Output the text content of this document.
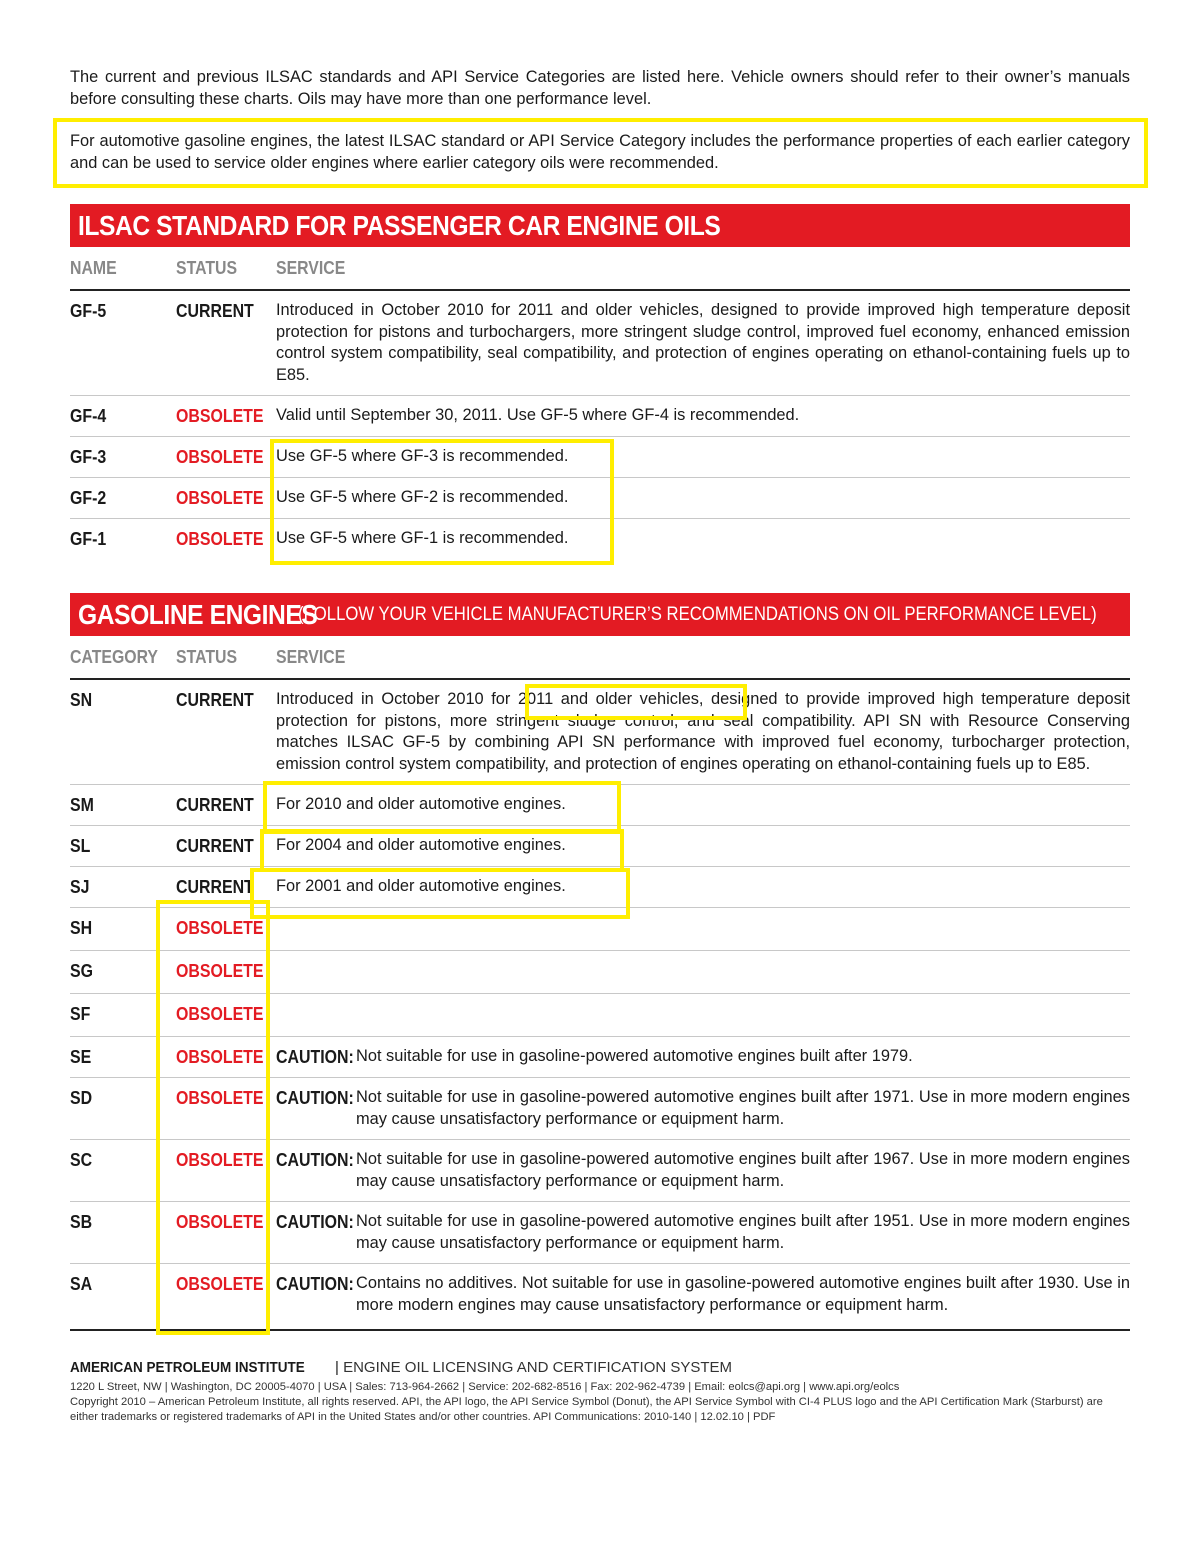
The current and previous ILSAC standards and API Service Categories are listed here. Vehicle owners should refer to their owner’s manuals before consulting these charts. Oils may have more than one performance level.

For automotive gasoline engines, the latest ILSAC standard or API Service Category includes the performance properties of each earlier category and can be used to service older engines where earlier category oils were recommended.

ILSAC STANDARD FOR PASSENGER CAR ENGINE OILS
NAME	STATUS	SERVICE
GF-5	CURRENT	Introduced in October 2010 for 2011 and older vehicles, designed to provide improved high temperature deposit protection for pistons and turbochargers, more stringent sludge control, improved fuel economy, enhanced emission control system compatibility, seal compatibility, and protection of engines operating on ethanol-containing fuels up to E85.
GF-4	OBSOLETE Valid until September 30, 2011. Use GF-5 where GF-4 is recommended.
GF-3	OBSOLETE Use GF-5 where GF-3 is recommended.
GF-2	OBSOLETE Use GF-5 where GF-2 is recommended.
GF-1	OBSOLETE Use GF-5 where GF-1 is recommended.
GASOLINE ENGINES
(FOLLOW YOUR VEHICLE MANUFACTURER’S RECOMMENDATIONS ON OIL PERFORMANCE LEVEL)
CATEGORY STATUS	SERVICE
SN	CURRENT	Introduced in October 2010 for 2011 and older vehicles, designed to provide improved high temperature deposit protection for pistons, more stringent sludge control, and seal compatibility. API SN with Resource Conserving matches ILSAC GF-5 by combining API SN performance with improved fuel economy, turbocharger protection, emission control system compatibility, and protection of engines operating on ethanol-containing fuels up to E85.
SM	CURRENT	For 2010 and older automotive engines.
SL	CURRENT	For 2004 and older automotive engines.
SJ	CURRENT	For 2001 and older automotive engines.
SH	OBSOLETE
SG	OBSOLETE
SF	OBSOLETE
SE	OBSOLETE CAUTION: Not suitable for use in gasoline-powered automotive engines built after 1979.
SD	OBSOLETE CAUTION: Not suitable for use in gasoline-powered automotive engines built after 1971. Use in more modern engines may cause unsatisfactory performance or equipment harm.
SC	OBSOLETE CAUTION: Not suitable for use in gasoline-powered automotive engines built after 1967. Use in more modern engines may cause unsatisfactory performance or equipment harm.
SB	OBSOLETE CAUTION: Not suitable for use in gasoline-powered automotive engines built after 1951. Use in more modern engines may cause unsatisfactory performance or equipment harm.
SA	OBSOLETE CAUTION: Contains no additives. Not suitable for use in gasoline-powered automotive engines built after 1930. Use in more modern engines may cause unsatisfactory performance or equipment harm.
AMERICAN PETROLEUM INSTITUTE | ENGINE OIL LICENSING AND CERTIFICATION SYSTEM
1220 L Street, NW | Washington, DC 20005-4070 | USA | Sales: 713-964-2662 | Service: 202-682-8516 | Fax: 202-962-4739 | Email: eolcs@api.org | www.api.org/eolcs
Copyright 2010 – American Petroleum Institute, all rights reserved. API, the API logo, the API Service Symbol (Donut), the API Service Symbol with CI-4 PLUS logo and the API Certification Mark (Starburst) are either trademarks or registered trademarks of API in the United States and/or other countries. API Communications: 2010-140 | 12.02.10 | PDF
